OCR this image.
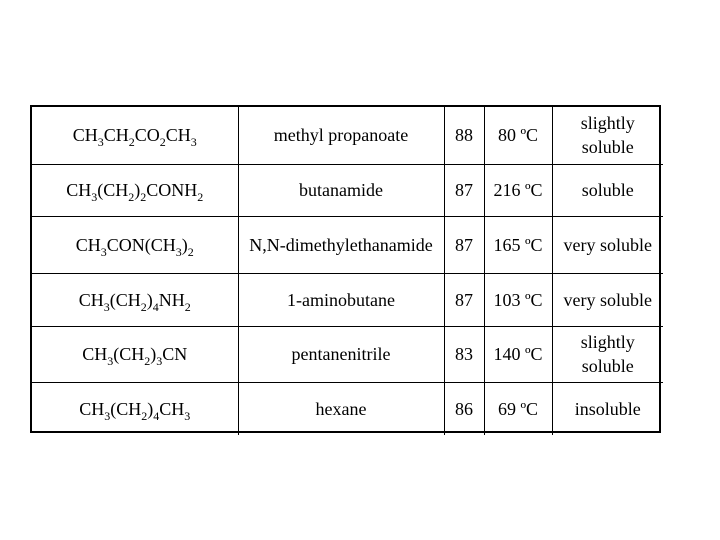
$CH_3CH_2CO_2CH_3$	methyl propanoate	88	80 ºC	slightly soluble
$CH_3(CH_2)_2CONH_2$	butanamide	87	216 ºC	soluble
$CH_3CON(CH_3)_2$	N,N-dimethylethanamide	87	165 ºC	very soluble
$CH_3(CH_2)_4NH_2$	1-aminobutane	87	103 ºC	very soluble
$CH_3(CH_2)_3CN$	pentanenitrile	83	140 ºC	slightly soluble
$CH_3(CH_2)_4CH_3$	hexane	86	69 ºC	insoluble
